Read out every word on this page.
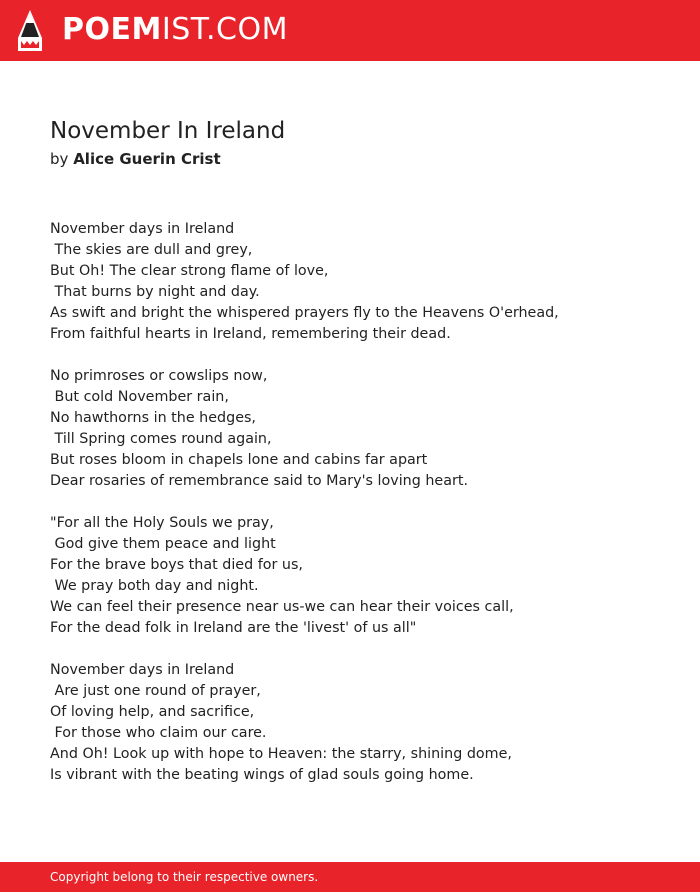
POEMIST.COM
November In Ireland
by Alice Guerin Crist
November days in Ireland
The skies are dull and grey,
But Oh! The clear strong flame of love,
That burns by night and day.
As swift and bright the whispered prayers fly to the Heavens O'erhead,
From faithful hearts in Ireland, remembering their dead.
No primroses or cowslips now,
But cold November rain,
No hawthorns in the hedges,
Till Spring comes round again,
But roses bloom in chapels lone and cabins far apart
Dear rosaries of remembrance said to Mary's loving heart.
"For all the Holy Souls we pray,
God give them peace and light
For the brave boys that died for us,
We pray both day and night.
We can feel their presence near us-we can hear their voices call,
For the dead folk in Ireland are the 'livest' of us all"
November days in Ireland
Are just one round of prayer,
Of loving help, and sacrifice,
For those who claim our care.
And Oh! Look up with hope to Heaven: the starry, shining dome,
Is vibrant with the beating wings of glad souls going home.
Copyright belong to their respective owners.
